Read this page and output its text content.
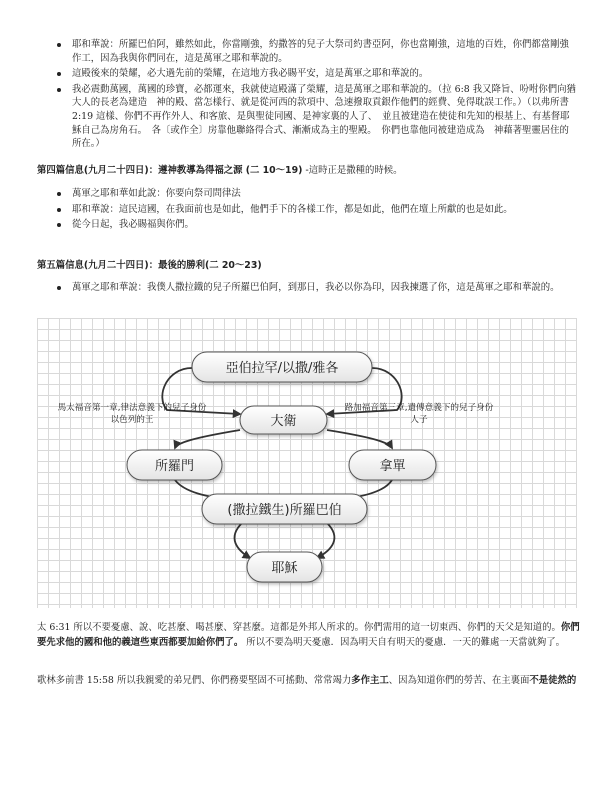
耶和華說：所羅巴伯阿，雖然如此，你當剛強，約撒答的兒子大祭司約書亞阿，你也當剛強，這地的百姓，你們都當剛強作工，因為我與你們同在，這是萬軍之耶和華說的。
這殿後來的榮耀，必大過先前的榮耀，在這地方我必賜平安，這是萬軍之耶和華說的。
我必震動萬國，萬國的珍寶，必都運來，我就使這殿滿了榮耀，這是萬軍之耶和華說的。（拉 6:8 我又降旨、吩咐你們向猶大人的長老為建造　神的殿、當怎樣行、就是從河西的款項中、急速撥取貢銀作他們的經費、免得耽誤工作。）（以弗所書 2:19 這樣、你們不再作外人、和客旅、是與聖徒同國、是神家裏的人了、　並且被建造在使徒和先知的根基上、有基督耶穌自己為房角石。　各〔或作全〕房靠他聯絡得合式、漸漸成為主的聖殿。　你們也靠他同被建造成為　神藉著聖靈居住的所在。）
第四篇信息(九月二十四日)：遵神教導為得福之源 (二 10～19) -這時正是撒種的時候。
萬軍之耶和華如此說：你要向祭司問律法
耶和華說：這民這國，在我面前也是如此，他們手下的各樣工作，都是如此，他們在壇上所獻的也是如此。
從今日起，我必賜福與你們。
第五篇信息(九月二十四日)：最後的勝利(二 20～23)
萬軍之耶和華說：我僕人撒拉鐵的兒子所羅巴伯阿，到那日，我必以你為印，因我揀選了你，這是萬軍之耶和華說的。
亞伯拉罕/以撒/雅各
大衛
所羅門	拿單
(撒拉鐵生)所羅巴伯
耶穌
馬太福音第一章,律法意義下的兒子身份
以色列的王
路加福音第三章,遺傳意義下的兒子身份
人子
太 6:31 所以不要憂慮、說、吃甚麼、喝甚麼、穿甚麼。這都是外邦人所求的。你們需用的這一切東西、你們的天父是知道的。你們要先求他的國和他的義這些東西都要加給你們了。 所以不要為明天憂慮．因為明天自有明天的憂慮．一天的難處一天當就夠了。
歌林多前書 15:58 所以我親愛的弟兄們、你們務要堅固不可搖動、常常竭力多作主工、因為知道你們的勞苦、在主裏面不是徒然的
